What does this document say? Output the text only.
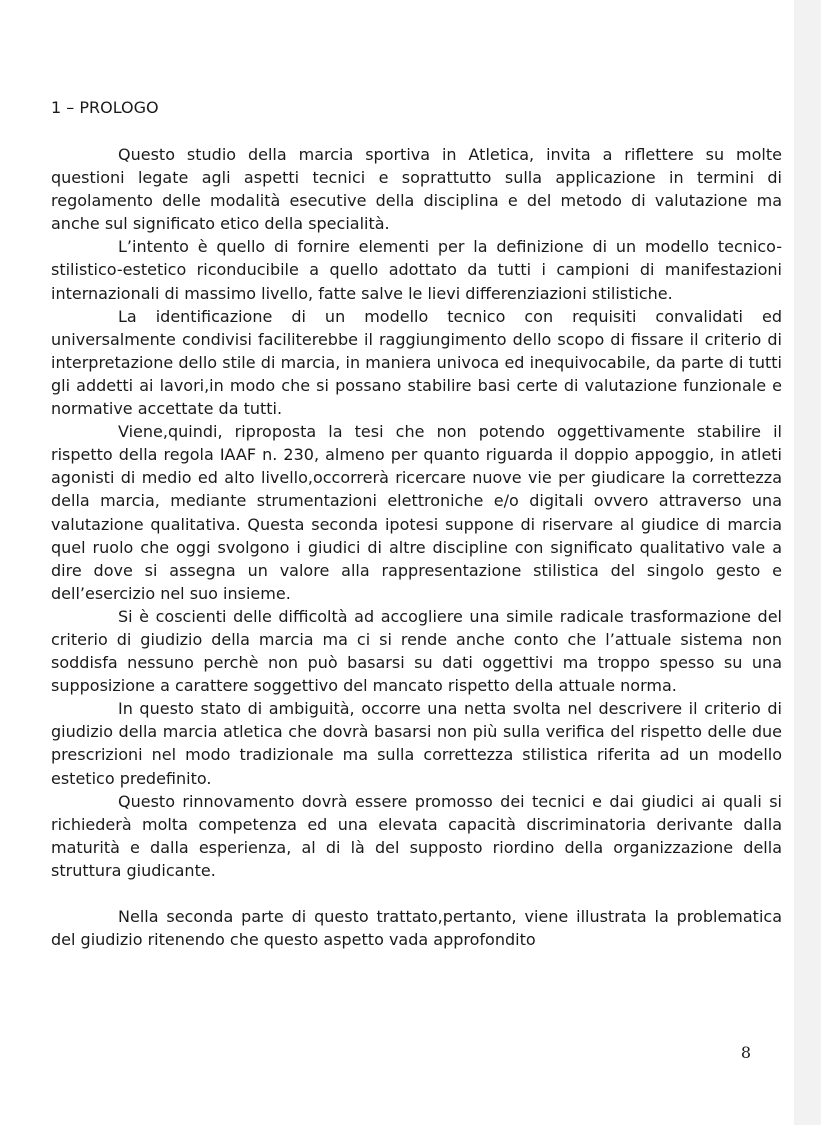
1 – PROLOGO

Questo studio della marcia sportiva in Atletica, invita a riflettere su molte questioni legate agli aspetti tecnici e soprattutto sulla applicazione in termini di regolamento delle modalità esecutive della disciplina e del metodo di valutazione ma anche sul significato etico della specialità.

L’intento è quello di fornire elementi per la definizione di un modello tecnico-stilistico-estetico riconducibile a quello adottato da tutti i campioni di manifestazioni internazionali di massimo livello, fatte salve le lievi differenziazioni stilistiche.

La identificazione di un modello tecnico con requisiti convalidati ed universalmente condivisi faciliterebbe il raggiungimento dello scopo di fissare il criterio di interpretazione dello stile di marcia, in maniera univoca ed inequivocabile, da parte di tutti gli addetti ai lavori,in modo che si possano stabilire basi certe di valutazione funzionale e normative accettate da tutti.

Viene,quindi, riproposta la tesi che non potendo oggettivamente stabilire il rispetto della regola IAAF n. 230, almeno per quanto riguarda il doppio appoggio, in atleti agonisti di medio ed alto livello,occorrerà ricercare nuove vie per giudicare la correttezza della marcia, mediante strumentazioni elettroniche e/o digitali ovvero attraverso una valutazione qualitativa. Questa seconda ipotesi suppone di riservare al giudice di marcia quel ruolo che oggi svolgono i giudici di altre discipline con significato qualitativo vale a dire dove si assegna un valore alla rappresentazione stilistica del singolo gesto e dell’esercizio nel suo insieme.

Si è coscienti delle difficoltà ad accogliere una simile radicale trasformazione del criterio di giudizio della marcia ma ci si rende anche conto che l’attuale sistema non soddisfa nessuno perchè non può basarsi su dati oggettivi ma troppo spesso su una supposizione a carattere soggettivo del mancato rispetto della attuale norma.

In questo stato di ambiguità, occorre una netta svolta nel descrivere il criterio di giudizio della marcia atletica che dovrà basarsi non più sulla verifica del rispetto delle due prescrizioni nel modo tradizionale ma sulla correttezza stilistica riferita ad un modello estetico predefinito.

Questo rinnovamento dovrà essere promosso dei tecnici e dai giudici ai quali si richiederà molta competenza ed una elevata capacità discriminatoria derivante dalla maturità e dalla esperienza, al di là del supposto riordino della organizzazione della struttura giudicante.

Nella seconda parte di questo trattato,pertanto, viene illustrata la problematica del giudizio ritenendo che questo aspetto vada approfondito

8
